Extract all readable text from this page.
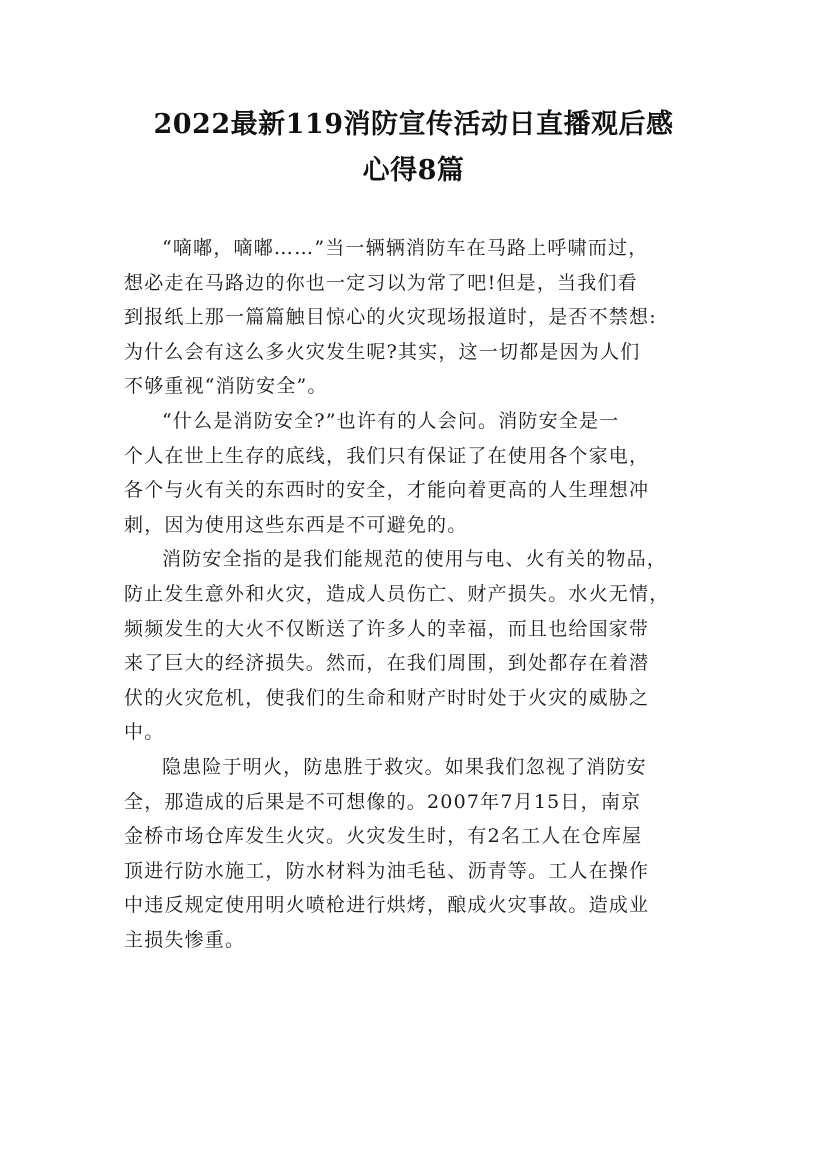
2022最新119消防宣传活动日直播观后感
心得8篇

“嘀嘟，嘀嘟……”当一辆辆消防车在马路上呼啸而过，
想必走在马路边的你也一定习以为常了吧!但是，当我们看
到报纸上那一篇篇触目惊心的火灾现场报道时，是否不禁想:
为什么会有这么多火灾发生呢?其实，这一切都是因为人们
不够重视“消防安全”。

“什么是消防安全?”也许有的人会问。消防安全是一
个人在世上生存的底线，我们只有保证了在使用各个家电，
各个与火有关的东西时的安全，才能向着更高的人生理想冲
刺，因为使用这些东西是不可避免的。

消防安全指的是我们能规范的使用与电、火有关的物品，
防止发生意外和火灾，造成人员伤亡、财产损失。水火无情，
频频发生的大火不仅断送了许多人的幸福，而且也给国家带
来了巨大的经济损失。然而，在我们周围，到处都存在着潜
伏的火灾危机，使我们的生命和财产时时处于火灾的威胁之
中。

隐患险于明火，防患胜于救灾。如果我们忽视了消防安
全，那造成的后果是不可想像的。2007年7月15日，南京
金桥市场仓库发生火灾。火灾发生时，有2名工人在仓库屋
顶进行防水施工，防水材料为油毛毡、沥青等。工人在操作
中违反规定使用明火喷枪进行烘烤，酿成火灾事故。造成业
主损失惨重。
